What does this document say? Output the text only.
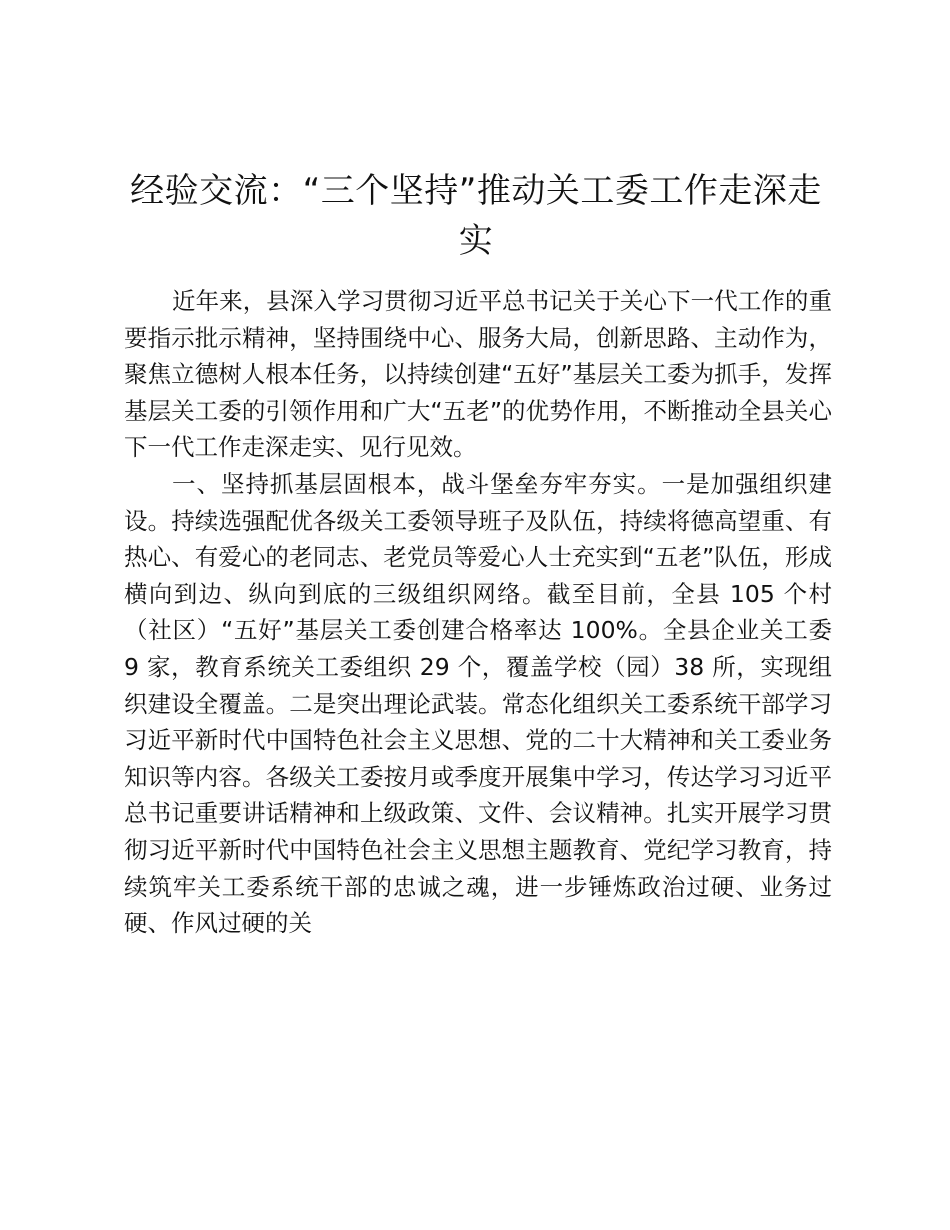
经验交流：“三个坚持”推动关工委工作走深走实

近年来，县深入学习贯彻习近平总书记关于关心下一代工作的重要指示批示精神，坚持围绕中心、服务大局，创新思路、主动作为，聚焦立德树人根本任务，以持续创建“五好”基层关工委为抓手，发挥基层关工委的引领作用和广大“五老”的优势作用，不断推动全县关心下一代工作走深走实、见行见效。

一、坚持抓基层固根本，战斗堡垒夯牢夯实。一是加强组织建设。持续选强配优各级关工委领导班子及队伍，持续将德高望重、有热心、有爱心的老同志、老党员等爱心人士充实到“五老”队伍，形成横向到边、纵向到底的三级组织网络。截至目前，全县 105 个村（社区）“五好”基层关工委创建合格率达 100%。全县企业关工委 9 家，教育系统关工委组织 29 个，覆盖学校（园）38 所，实现组织建设全覆盖。二是突出理论武装。常态化组织关工委系统干部学习习近平新时代中国特色社会主义思想、党的二十大精神和关工委业务知识等内容。各级关工委按月或季度开展集中学习，传达学习习近平总书记重要讲话精神和上级政策、文件、会议精神。扎实开展学习贯彻习近平新时代中国特色社会主义思想主题教育、党纪学习教育，持续筑牢关工委系统干部的忠诚之魂，进一步锤炼政治过硬、业务过硬、作风过硬的关
